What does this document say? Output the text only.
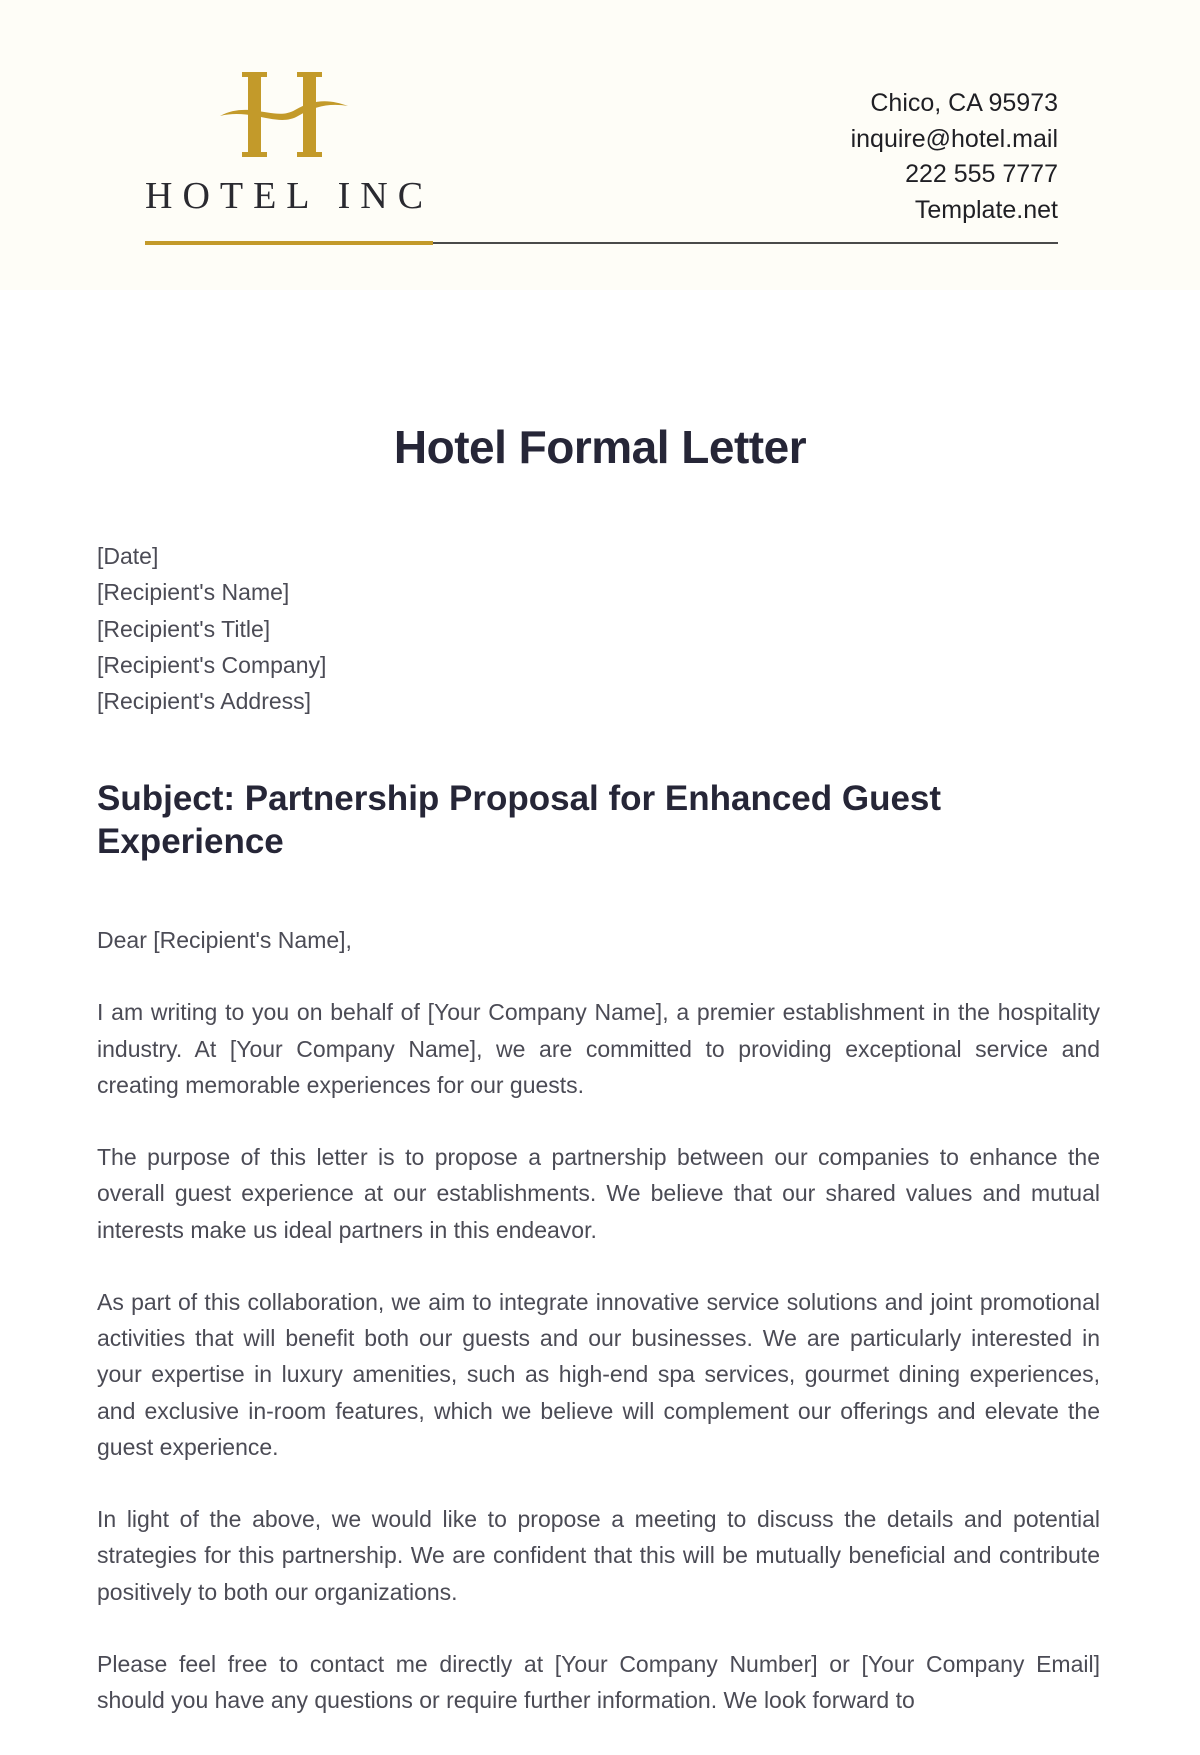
HOTEL INC
Chico, CA 95973
inquire@hotel.mail
222 555 7777
Template.net
Hotel Formal Letter
[Date]
[Recipient's Name]
[Recipient's Title]
[Recipient's Company]
[Recipient's Address]
Subject: Partnership Proposal for Enhanced Guest Experience

Dear [Recipient's Name],

I am writing to you on behalf of [Your Company Name], a premier establishment in the hospitality industry. At [Your Company Name], we are committed to providing exceptional service and creating memorable experiences for our guests.

The purpose of this letter is to propose a partnership between our companies to enhance the overall guest experience at our establishments. We believe that our shared values and mutual interests make us ideal partners in this endeavor.

As part of this collaboration, we aim to integrate innovative service solutions and joint promotional activities that will benefit both our guests and our businesses. We are particularly interested in your expertise in luxury amenities, such as high-end spa services, gourmet dining experiences, and exclusive in-room features, which we believe will complement our offerings and elevate the guest experience.

In light of the above, we would like to propose a meeting to discuss the details and potential strategies for this partnership. We are confident that this will be mutually beneficial and contribute positively to both our organizations.

Please feel free to contact me directly at [Your Company Number] or [Your Company Email] should you have any questions or require further information. We look forward to
